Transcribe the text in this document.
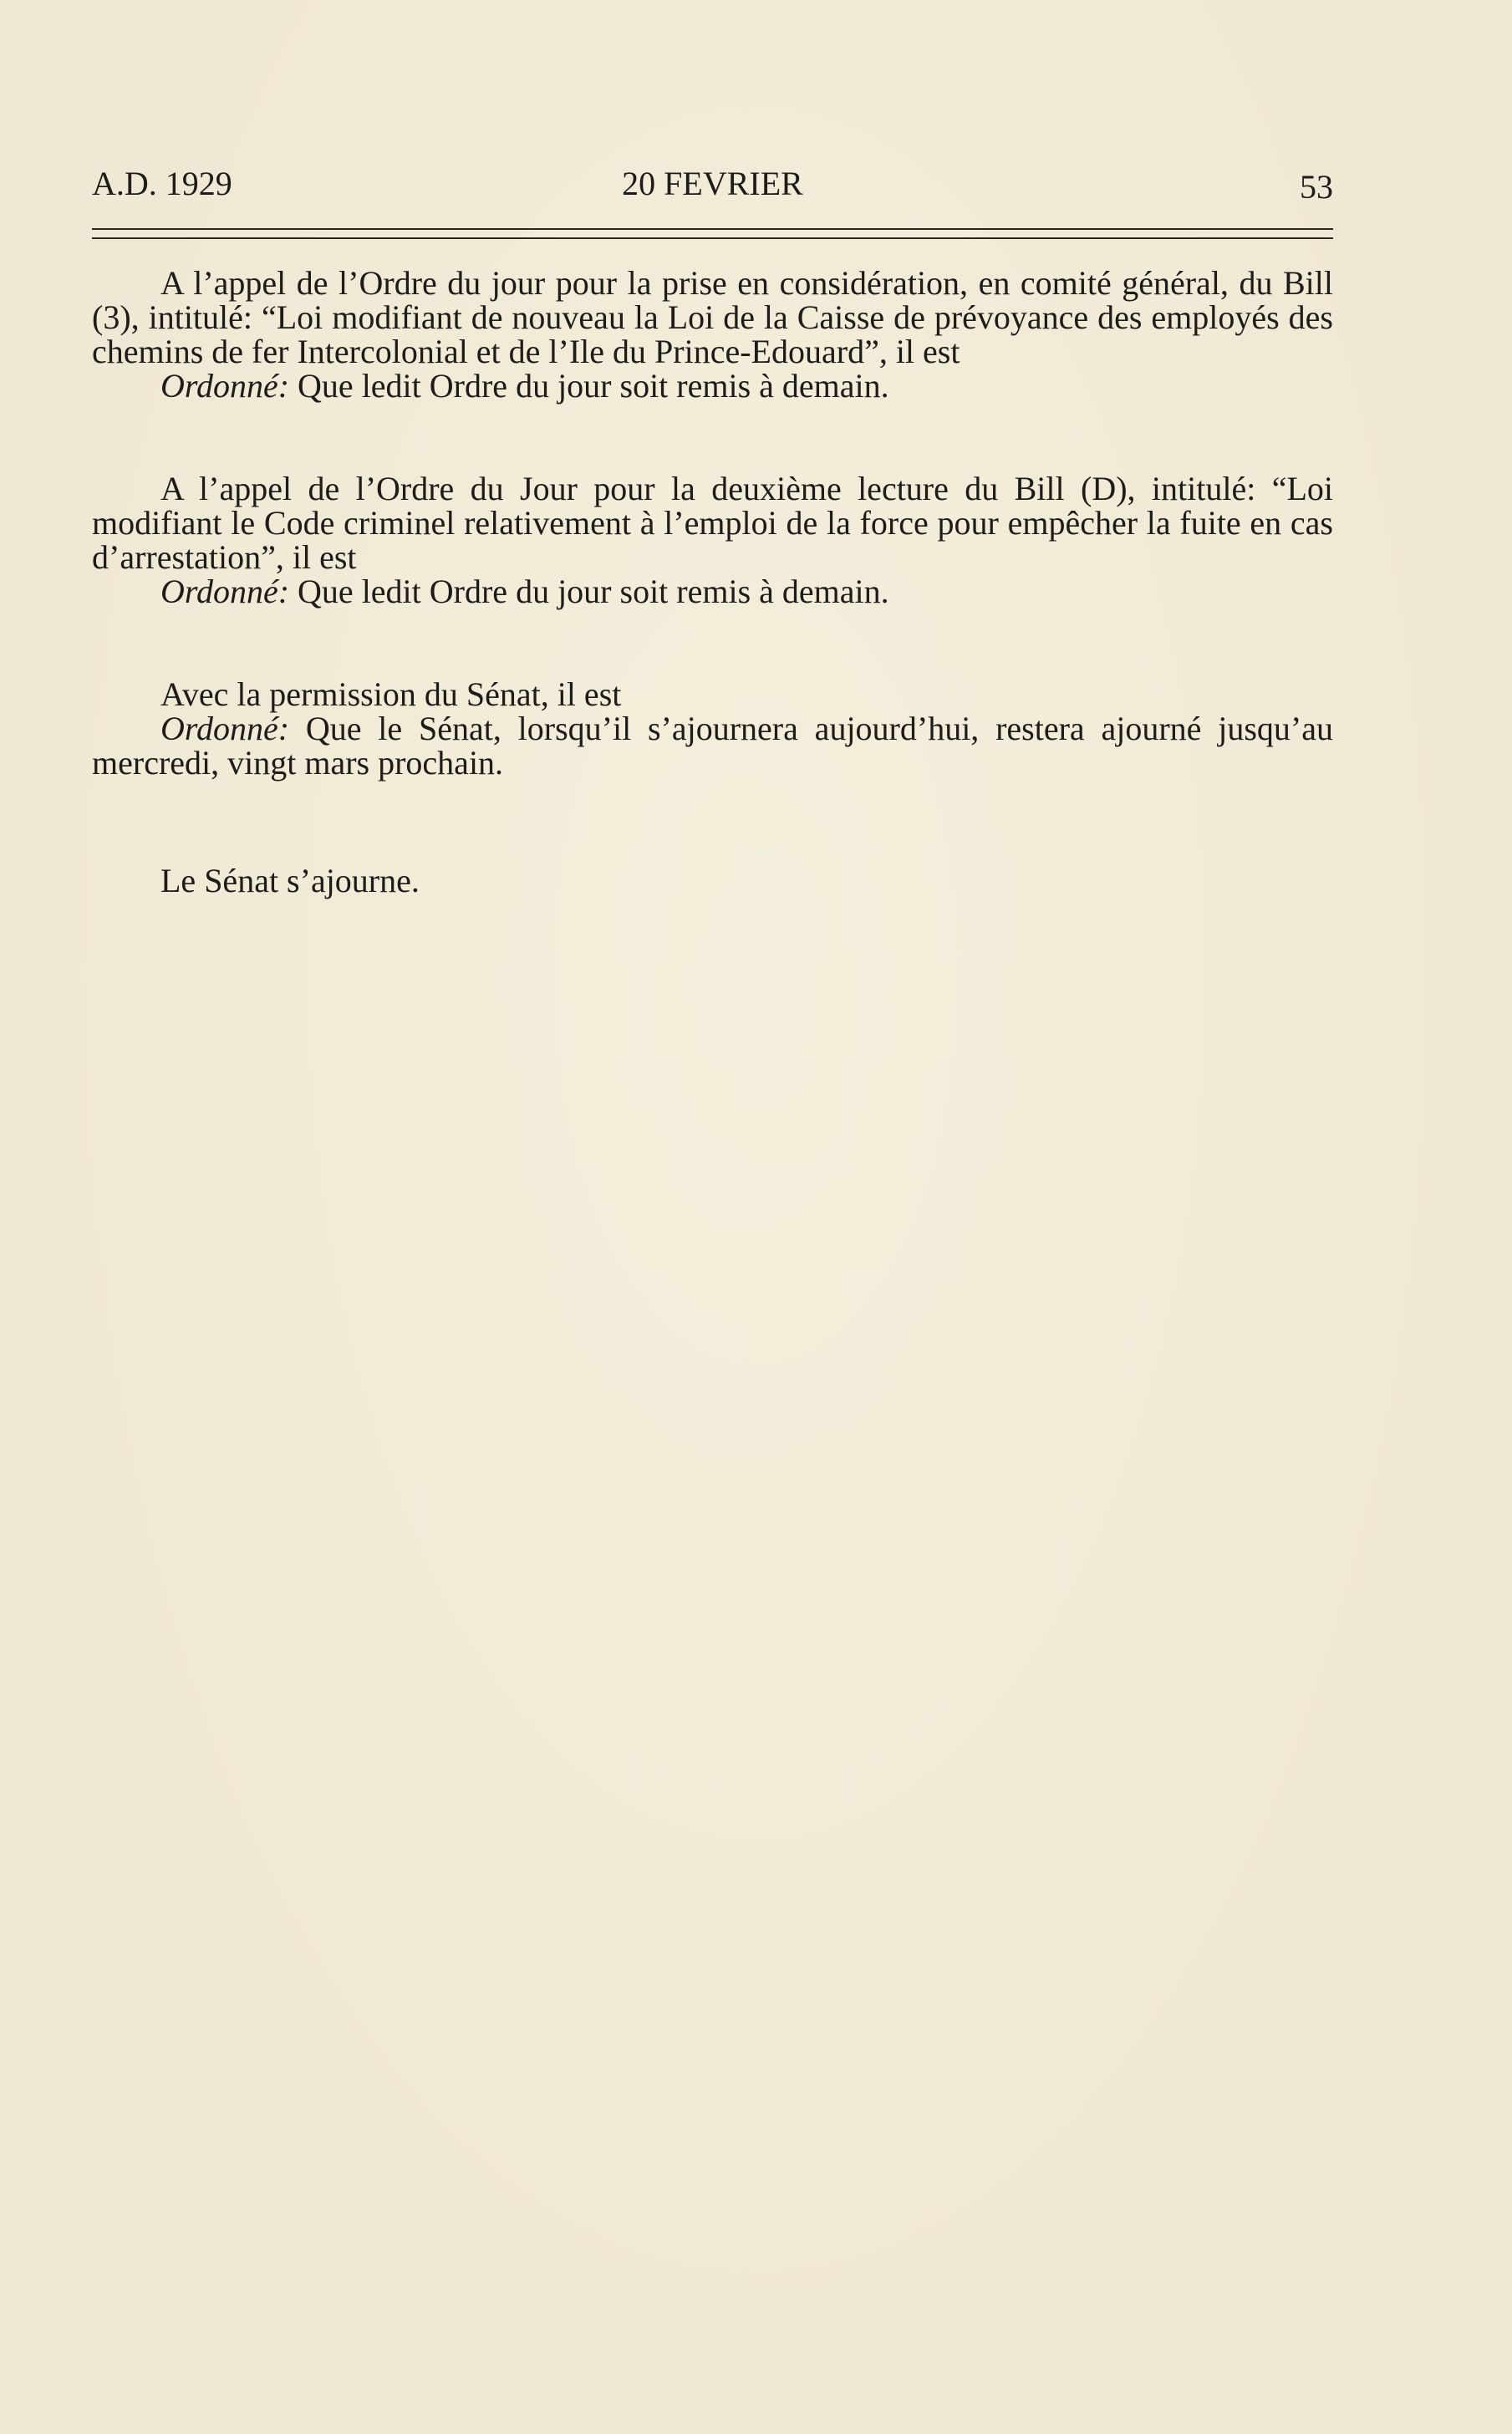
A.D. 1929	20 FEVRIER	53

A l’appel de l’Ordre du jour pour la prise en considération, en comité général, du Bill (3), intitulé: “Loi modifiant de nouveau la Loi de la Caisse de prévoyance des employés des chemins de fer Intercolonial et de l’Ile du Prince-Edouard”, il est

Ordonné: Que ledit Ordre du jour soit remis à demain.

A l’appel de l’Ordre du Jour pour la deuxième lecture du Bill (D), intitulé: “Loi modifiant le Code criminel relativement à l’emploi de la force pour empêcher la fuite en cas d’arrestation”, il est

Ordonné: Que ledit Ordre du jour soit remis à demain.

Avec la permission du Sénat, il est

Ordonné: Que le Sénat, lorsqu’il s’ajournera aujourd’hui, restera ajourné jusqu’au mercredi, vingt mars prochain.

Le Sénat s’ajourne.
